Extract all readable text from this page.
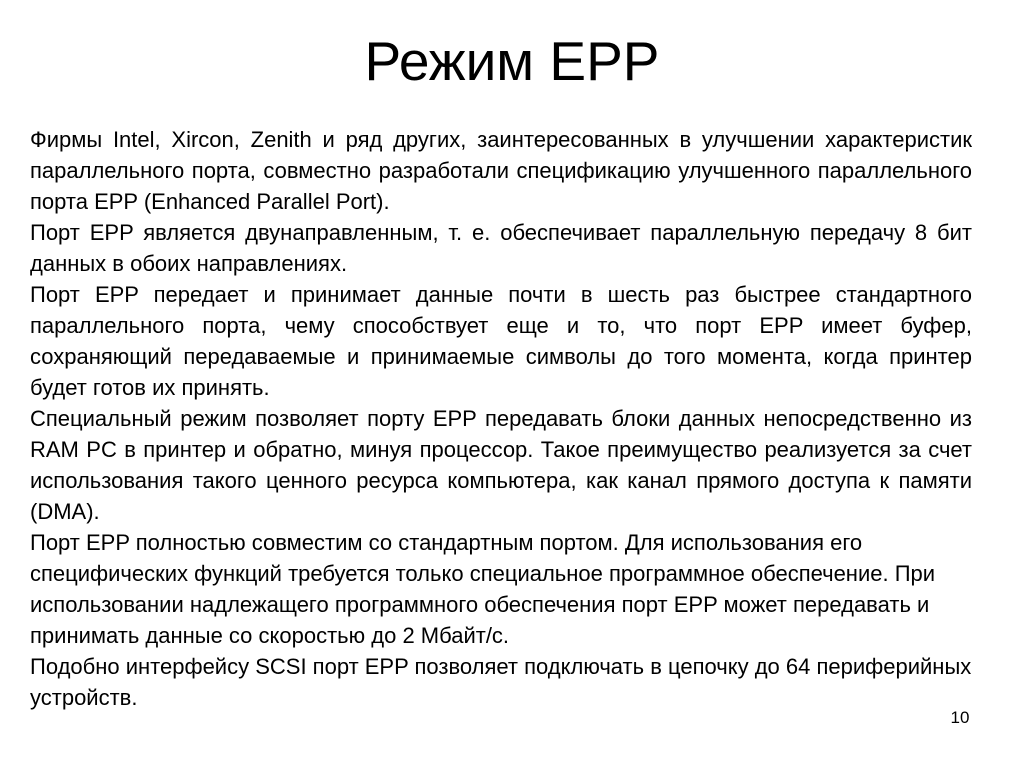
Режим EPP

Фирмы Intel, Xircon, Zenith и ряд других, заинтересованных в улучшении характеристик параллельного порта, совместно разработали спецификацию улучшенного параллельного порта EPP (Enhanced Parallel Port).

Порт EPP является двунаправленным, т. е. обеспечивает параллельную передачу 8 бит данных в обоих направлениях.

Порт EPP передает и принимает данные почти в шесть раз быстрее стандартного параллельного порта, чему способствует еще и то, что порт EPP имеет буфер, сохраняющий передаваемые и принимаемые символы до того момента, когда принтер будет готов их принять.

Специальный режим позволяет порту EPP передавать блоки данных непосредственно из RAM PC в принтер и обратно, минуя процессор. Такое преимущество реализуется за счет использования такого ценного ресурса компьютера, как канал прямого доступа к памяти (DMA).

Порт EPP полностью совместим со стандартным портом. Для использования его специфических функций требуется только специальное программное обеспечение. При использовании надлежащего программного обеспечения порт EPP может передавать и принимать данные со скоростью до 2 Мбайт/с.

Подобно интерфейсу SCSI порт EPP позволяет подключать в цепочку до 64 периферийных устройств.

10
